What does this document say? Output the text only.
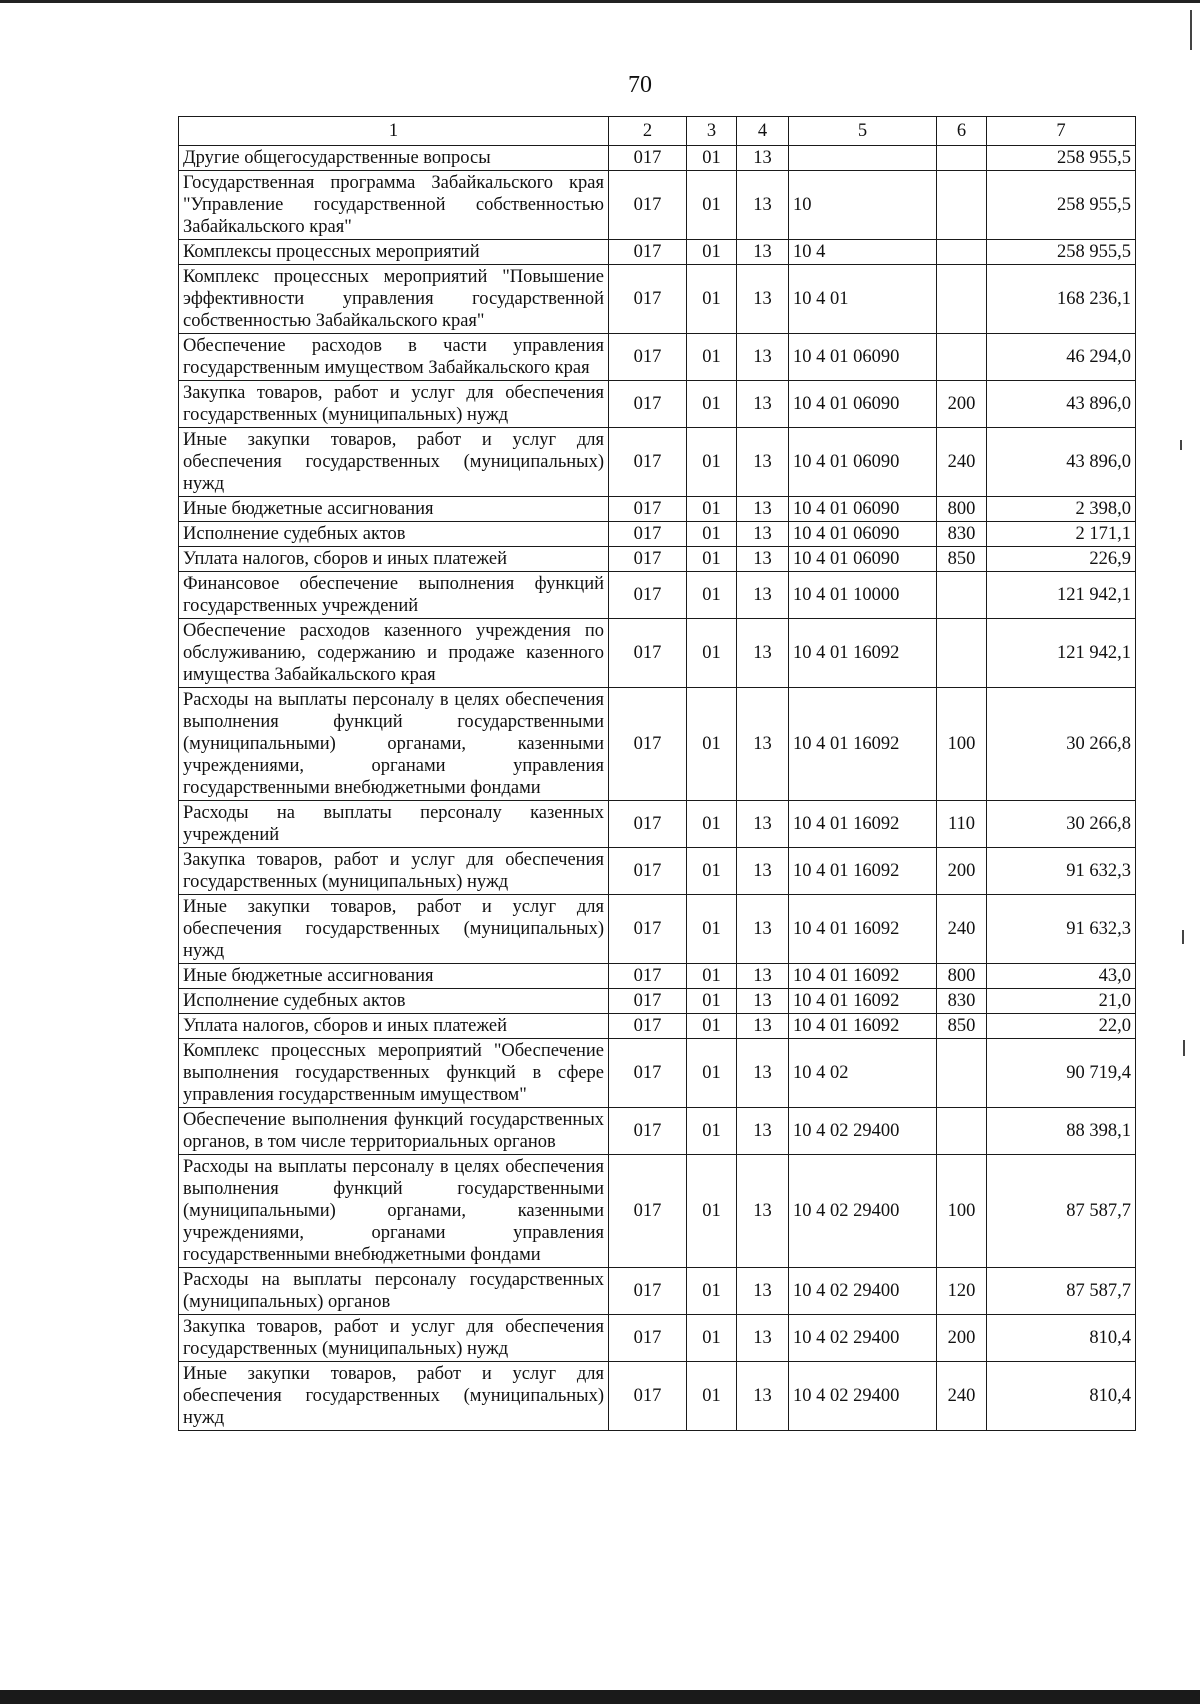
70
1	2	3	4	5	6	7
Другие общегосударственные вопросы	017	01	13			258 955,5
Государственная программа Забайкальского края "Управление государственной собственностью Забайкальского края"	017	01	13	10		258 955,5
Комплексы процессных мероприятий	017	01	13	10 4		258 955,5
Комплекс процессных мероприятий "Повышение эффективности управления государственной собственностью Забайкальского края"	017	01	13	10 4 01		168 236,1
Обеспечение расходов в части управления государственным имуществом Забайкальского края	017	01	13	10 4 01 06090		46 294,0
Закупка товаров, работ и услуг для обеспечения государственных (муниципальных) нужд	017	01	13	10 4 01 06090	200	43 896,0
Иные закупки товаров, работ и услуг для обеспечения государственных (муниципальных) нужд	017	01	13	10 4 01 06090	240	43 896,0
Иные бюджетные ассигнования	017	01	13	10 4 01 06090	800	2 398,0
Исполнение судебных актов	017	01	13	10 4 01 06090	830	2 171,1
Уплата налогов, сборов и иных платежей	017	01	13	10 4 01 06090	850	226,9
Финансовое обеспечение выполнения функций государственных учреждений	017	01	13	10 4 01 10000		121 942,1
Обеспечение расходов казенного учреждения по обслуживанию, содержанию и продаже казенного имущества Забайкальского края	017	01	13	10 4 01 16092		121 942,1
Расходы на выплаты персоналу в целях обеспечения выполнения функций государственными (муниципальными) органами, казенными учреждениями, органами управления государственными внебюджетными фондами	017	01	13	10 4 01 16092	100	30 266,8
Расходы на выплаты персоналу казенных учреждений	017	01	13	10 4 01 16092	110	30 266,8
Закупка товаров, работ и услуг для обеспечения государственных (муниципальных) нужд	017	01	13	10 4 01 16092	200	91 632,3
Иные закупки товаров, работ и услуг для обеспечения государственных (муниципальных) нужд	017	01	13	10 4 01 16092	240	91 632,3
Иные бюджетные ассигнования	017	01	13	10 4 01 16092	800	43,0
Исполнение судебных актов	017	01	13	10 4 01 16092	830	21,0
Уплата налогов, сборов и иных платежей	017	01	13	10 4 01 16092	850	22,0
Комплекс процессных мероприятий "Обеспечение выполнения государственных функций в сфере управления государственным имуществом"	017	01	13	10 4 02		90 719,4
Обеспечение выполнения функций государственных органов, в том числе территориальных органов	017	01	13	10 4 02 29400		88 398,1
Расходы на выплаты персоналу в целях обеспечения выполнения функций государственными (муниципальными) органами, казенными учреждениями, органами управления государственными внебюджетными фондами	017	01	13	10 4 02 29400	100	87 587,7
Расходы на выплаты персоналу государственных (муниципальных) органов	017	01	13	10 4 02 29400	120	87 587,7
Закупка товаров, работ и услуг для обеспечения государственных (муниципальных) нужд	017	01	13	10 4 02 29400	200	810,4
Иные закупки товаров, работ и услуг для обеспечения государственных (муниципальных) нужд	017	01	13	10 4 02 29400	240	810,4
